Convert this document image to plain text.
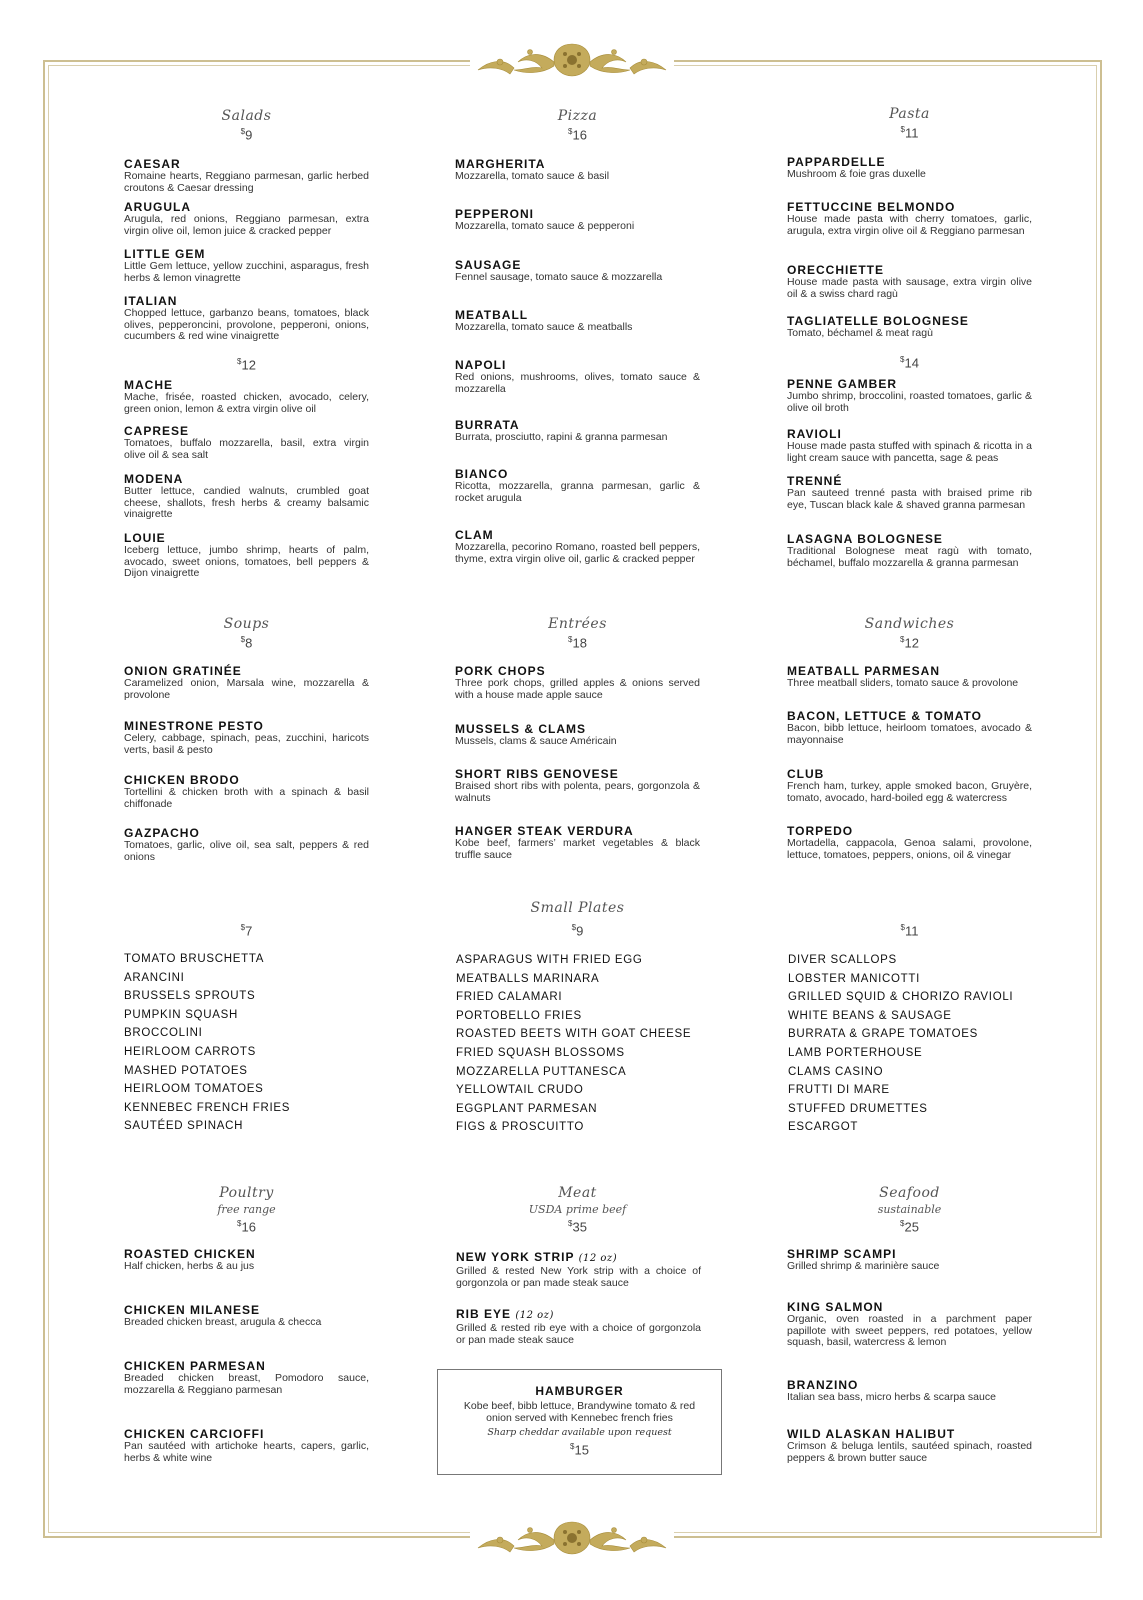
Salads
$9
CAESAR
Romaine hearts, Reggiano parmesan, garlic herbed croutons & Caesar dressing
ARUGULA
Arugula, red onions, Reggiano parmesan, extra virgin olive oil, lemon juice & cracked pepper
LITTLE GEM
Little Gem lettuce, yellow zucchini, asparagus, fresh herbs & lemon vinagrette
ITALIAN
Chopped lettuce, garbanzo beans, tomatoes, black olives, pepperoncini, provolone, pepperoni, onions, cucumbers & red wine vinaigrette
$12
MACHE
Mache, frisée, roasted chicken, avocado, celery, green onion, lemon & extra virgin olive oil
CAPRESE
Tomatoes, buffalo mozzarella, basil, extra virgin olive oil & sea salt
MODENA
Butter lettuce, candied walnuts, crumbled goat cheese, shallots, fresh herbs & creamy balsamic vinaigrette
LOUIE
Iceberg lettuce, jumbo shrimp, hearts of palm, avocado, sweet onions, tomatoes, bell peppers & Dijon vinaigrette
Pizza
$16
MARGHERITA
Mozzarella, tomato sauce & basil
PEPPERONI
Mozzarella, tomato sauce & pepperoni
SAUSAGE
Fennel sausage, tomato sauce & mozzarella
MEATBALL
Mozzarella, tomato sauce & meatballs
NAPOLI
Red onions, mushrooms, olives, tomato sauce & mozzarella
BURRATA
Burrata, prosciutto, rapini & granna parmesan
BIANCO
Ricotta, mozzarella, granna parmesan, garlic & rocket arugula
CLAM
Mozzarella, pecorino Romano, roasted bell peppers, thyme, extra virgin olive oil, garlic & cracked pepper
Pasta
$11
PAPPARDELLE
Mushroom & foie gras duxelle
FETTUCCINE BELMONDO
House made pasta with cherry tomatoes, garlic, arugula, extra virgin olive oil & Reggiano parmesan
ORECCHIETTE
House made pasta with sausage, extra virgin olive oil & a swiss chard ragù
TAGLIATELLE BOLOGNESE
Tomato, béchamel & meat ragù
$14
PENNE GAMBER
Jumbo shrimp, broccolini, roasted tomatoes, garlic & olive oil broth
RAVIOLI
House made pasta stuffed with spinach & ricotta in a light cream sauce with pancetta, sage & peas
TRENNÉ
Pan sauteed trenné pasta with braised prime rib eye, Tuscan black kale & shaved granna parmesan
LASAGNA BOLOGNESE
Traditional Bolognese meat ragù with tomato, béchamel, buffalo mozzarella & granna parmesan
Soups
$8
ONION GRATINÉE
Caramelized onion, Marsala wine, mozzarella & provolone
MINESTRONE PESTO
Celery, cabbage, spinach, peas, zucchini, haricots verts, basil & pesto
CHICKEN BRODO
Tortellini & chicken broth with a spinach & basil chiffonade
GAZPACHO
Tomatoes, garlic, olive oil, sea salt, peppers & red onions
Entrées
$18
PORK CHOPS
Three pork chops, grilled apples & onions served with a house made apple sauce
MUSSELS & CLAMS
Mussels, clams & sauce Américain
SHORT RIBS GENOVESE
Braised short ribs with polenta, pears, gorgonzola & walnuts
HANGER STEAK VERDURA
Kobe beef, farmers’ market vegetables & black truffle sauce
Sandwiches
$12
MEATBALL PARMESAN
Three meatball sliders, tomato sauce & provolone
BACON, LETTUCE & TOMATO
Bacon, bibb lettuce, heirloom tomatoes, avocado & mayonnaise
CLUB
French ham, turkey, apple smoked bacon, Gruyère, tomato, avocado, hard-boiled egg & watercress
TORPEDO
Mortadella, cappacola, Genoa salami, provolone, lettuce, tomatoes, peppers, onions, oil & vinegar
Small Plates
$7
TOMATO BRUSCHETTA
ARANCINI
BRUSSELS SPROUTS
PUMPKIN SQUASH
BROCCOLINI
HEIRLOOM CARROTS
MASHED POTATOES
HEIRLOOM TOMATOES
KENNEBEC FRENCH FRIES
SAUTÉED SPINACH
$9
ASPARAGUS WITH FRIED EGG
MEATBALLS MARINARA
FRIED CALAMARI
PORTOBELLO FRIES
ROASTED BEETS WITH GOAT CHEESE
FRIED SQUASH BLOSSOMS
MOZZARELLA PUTTANESCA
YELLOWTAIL CRUDO
EGGPLANT PARMESAN
FIGS & PROSCUITTO
$11
DIVER SCALLOPS
LOBSTER MANICOTTI
GRILLED SQUID & CHORIZO RAVIOLI
WHITE BEANS & SAUSAGE
BURRATA & GRAPE TOMATOES
LAMB PORTERHOUSE
CLAMS CASINO
FRUTTI DI MARE
STUFFED DRUMETTES
ESCARGOT
Poultry
free range
$16
ROASTED CHICKEN
Half chicken, herbs & au jus
CHICKEN MILANESE
Breaded chicken breast, arugula & checca
CHICKEN PARMESAN
Breaded chicken breast, Pomodoro sauce, mozzarella & Reggiano parmesan
CHICKEN CARCIOFFI
Pan sautéed with artichoke hearts, capers, garlic, herbs & white wine
Meat
USDA prime beef
$35
NEW YORK STRIP (12 oz)
Grilled & rested New York strip with a choice of gorgonzola or pan made steak sauce
RIB EYE (12 oz)
Grilled & rested rib eye with a choice of gorgonzola or pan made steak sauce
HAMBURGER
Kobe beef, bibb lettuce, Brandywine tomato & red onion served with Kennebec french fries
Sharp cheddar available upon request
$15
Seafood
sustainable
$25
SHRIMP SCAMPI
Grilled shrimp & marinière sauce
KING SALMON
Organic, oven roasted in a parchment paper papillote with sweet peppers, red potatoes, yellow squash, basil, watercress & lemon
BRANZINO
Italian sea bass, micro herbs & scarpa sauce
WILD ALASKAN HALIBUT
Crimson & beluga lentils, sautéed spinach, roasted peppers & brown butter sauce
